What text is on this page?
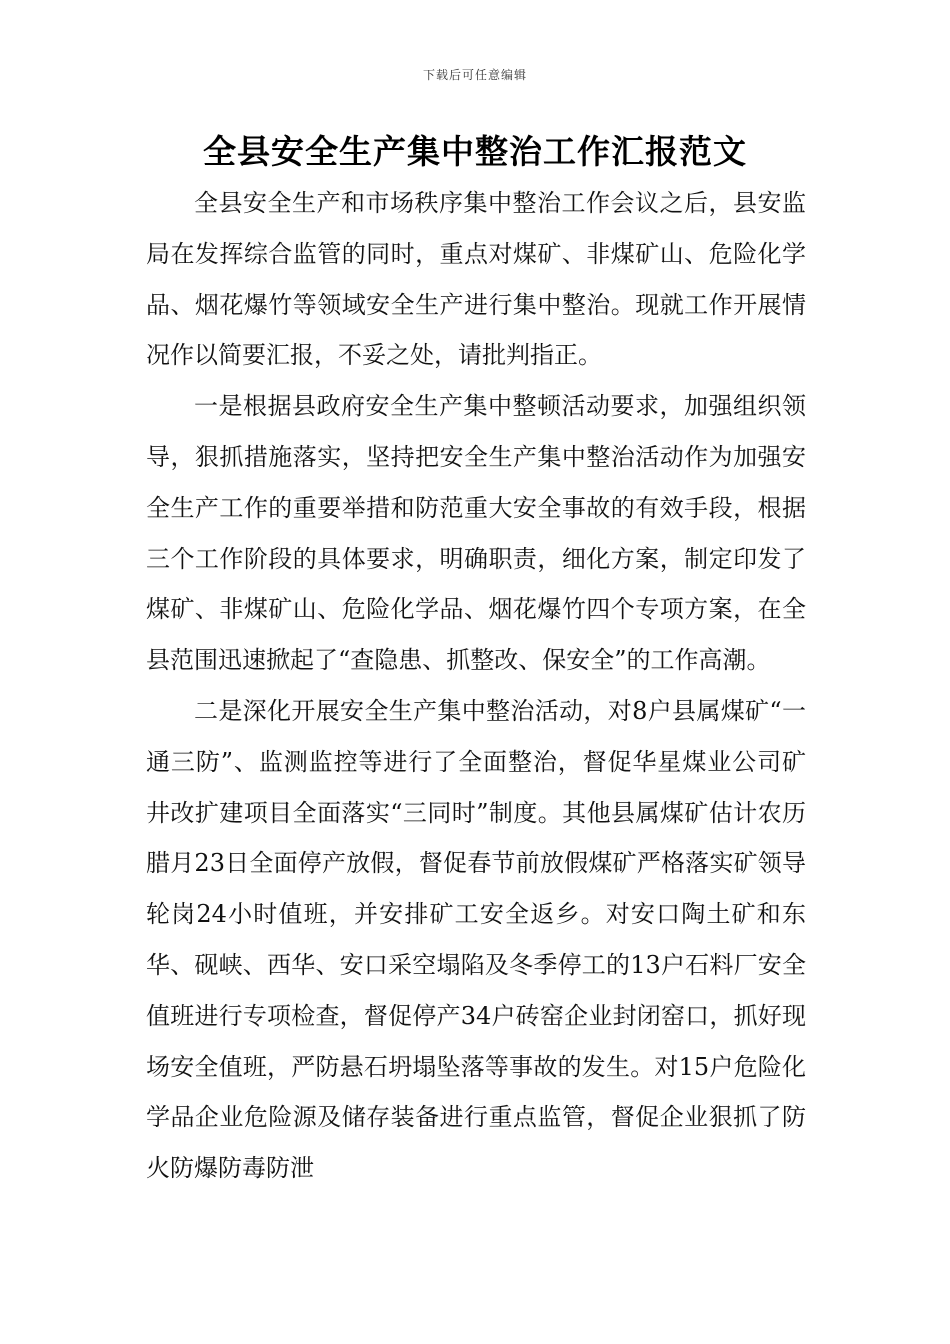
下载后可任意编辑
全县安全生产集中整治工作汇报范文

全县安全生产和市场秩序集中整治工作会议之后，县安监局在发挥综合监管的同时，重点对煤矿、非煤矿山、危险化学品、烟花爆竹等领域安全生产进行集中整治。现就工作开展情况作以简要汇报，不妥之处，请批判指正。

一是根据县政府安全生产集中整顿活动要求，加强组织领导，狠抓措施落实，坚持把安全生产集中整治活动作为加强安全生产工作的重要举措和防范重大安全事故的有效手段，根据三个工作阶段的具体要求，明确职责，细化方案，制定印发了煤矿、非煤矿山、危险化学品、烟花爆竹四个专项方案，在全县范围迅速掀起了“查隐患、抓整改、保安全”的工作高潮。

二是深化开展安全生产集中整治活动，对8户县属煤矿“一通三防”、监测监控等进行了全面整治，督促华星煤业公司矿井改扩建项目全面落实“三同时”制度。其他县属煤矿估计农历腊月23日全面停产放假，督促春节前放假煤矿严格落实矿领导轮岗24小时值班，并安排矿工安全返乡。对安口陶土矿和东华、砚峡、西华、安口采空塌陷及冬季停工的13户石料厂安全值班进行专项检查，督促停产34户砖窑企业封闭窑口，抓好现场安全值班，严防悬石坍塌坠落等事故的发生。对15户危险化学品企业危险源及储存装备进行重点监管，督促企业狠抓了防火防爆防毒防泄
